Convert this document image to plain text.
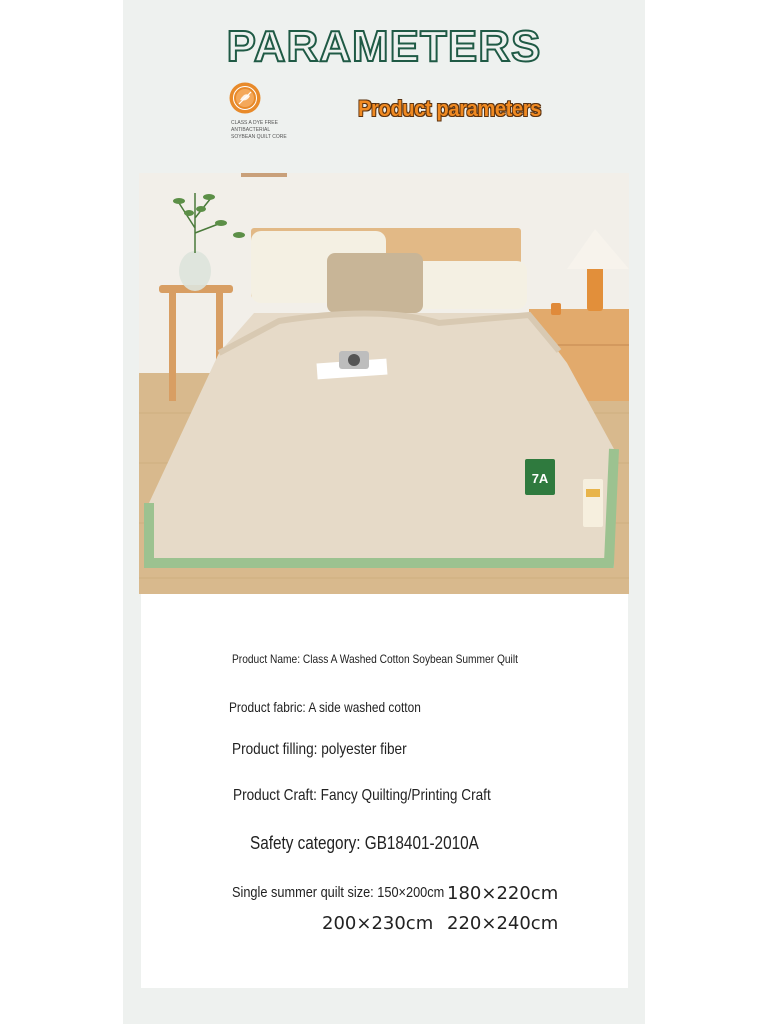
PARAMETERS
CLASS A DYE FREE
ANTIBACTERIAL
SOYBEAN QUILT CORE
Product parameters
7A
Product Name: Class A Washed Cotton Soybean Summer Quilt
Product fabric: A side washed cotton
Product filling: polyester fiber
Product Craft: Fancy Quilting/Printing Craft
Safety category: GB18401-2010A
Single summer quilt size: 150×200cm 180×220cm
200×230cm 220×240cm
